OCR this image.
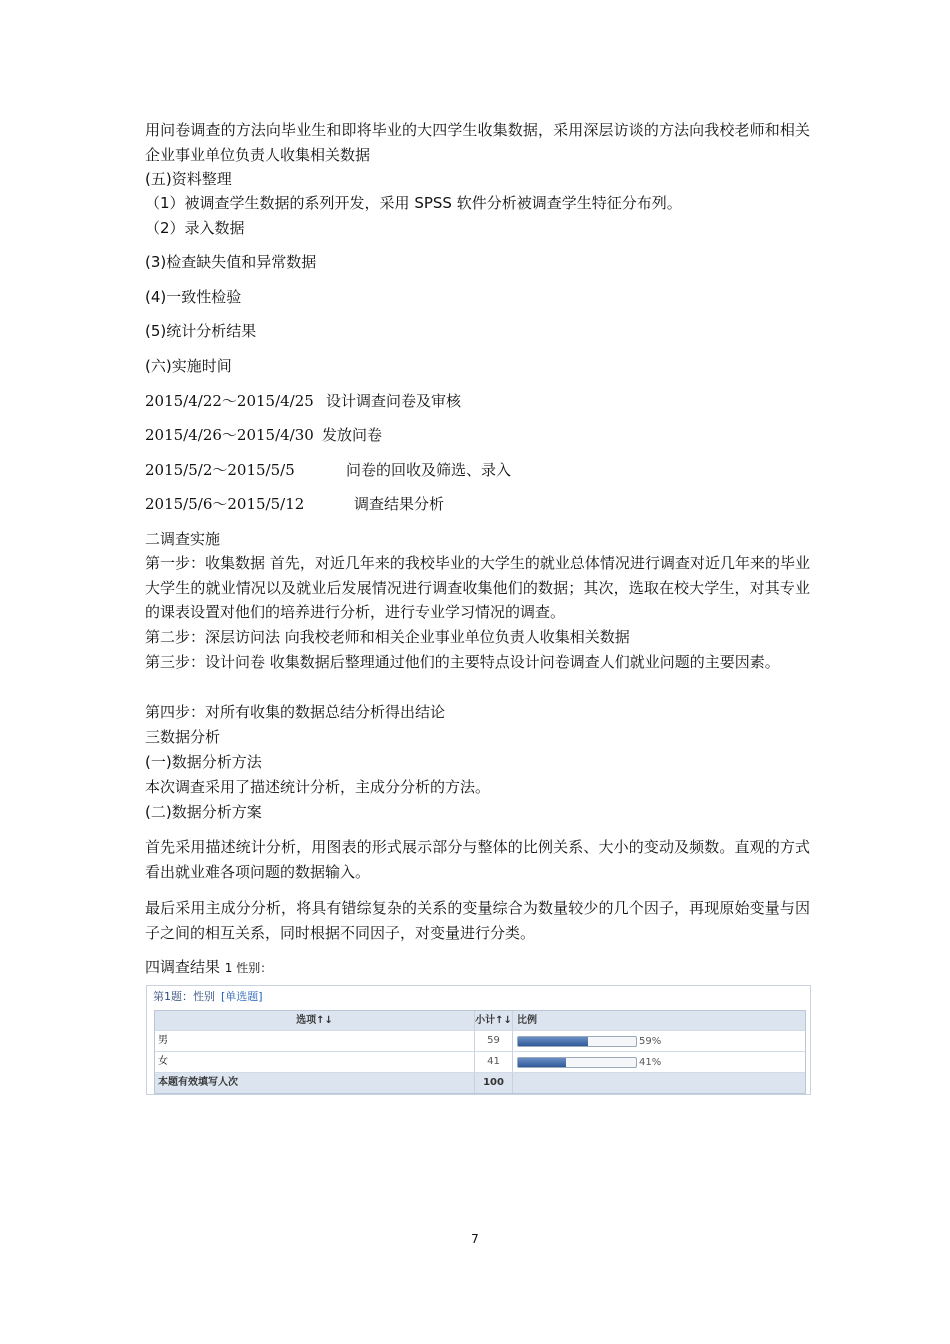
用问卷调查的方法向毕业生和即将毕业的大四学生收集数据，采用深层访谈的方法向我校老师和相关企业事业单位负责人收集相关数据
(五)资料整理
（1）被调查学生数据的系列开发，采用 SPSS 软件分析被调查学生特征分布列。
（2）录入数据
(3)检查缺失值和异常数据
(4)一致性检验
(5)统计分析结果
(六)实施时间
2015/4/22～2015/4/25 设计调查问卷及审核
2015/4/26～2015/4/30 发放问卷
2015/5/2～2015/5/5	问卷的回收及筛选、录入
2015/5/6～2015/5/12	调查结果分析
二调查实施
第一步：收集数据 首先，对近几年来的我校毕业的大学生的就业总体情况进行调查对近几年来的毕业大学生的就业情况以及就业后发展情况进行调查收集他们的数据；其次，选取在校大学生，对其专业的课表设置对他们的培养进行分析，进行专业学习情况的调查。
第二步：深层访问法 向我校老师和相关企业事业单位负责人收集相关数据
第三步：设计问卷 收集数据后整理通过他们的主要特点设计问卷调查人们就业问题的主要因素。
第四步：对所有收集的数据总结分析得出结论
三数据分析
(一)数据分析方法
本次调查采用了描述统计分析，主成分分析的方法。
(二)数据分析方案
首先采用描述统计分析，用图表的形式展示部分与整体的比例关系、大小的变动及频数。直观的方式看出就业难各项问题的数据输入。
最后采用主成分分析，将具有错综复杂的关系的变量综合为数量较少的几个因子，再现原始变量与因子之间的相互关系，同时根据不同因子，对变量进行分类。
四调查结果 1 性别：
第1题：性别 [单选题]
选项↑↓	小计↑↓ 比例
男	59	59%
女	41	41%
本题有效填写人次	100
7
